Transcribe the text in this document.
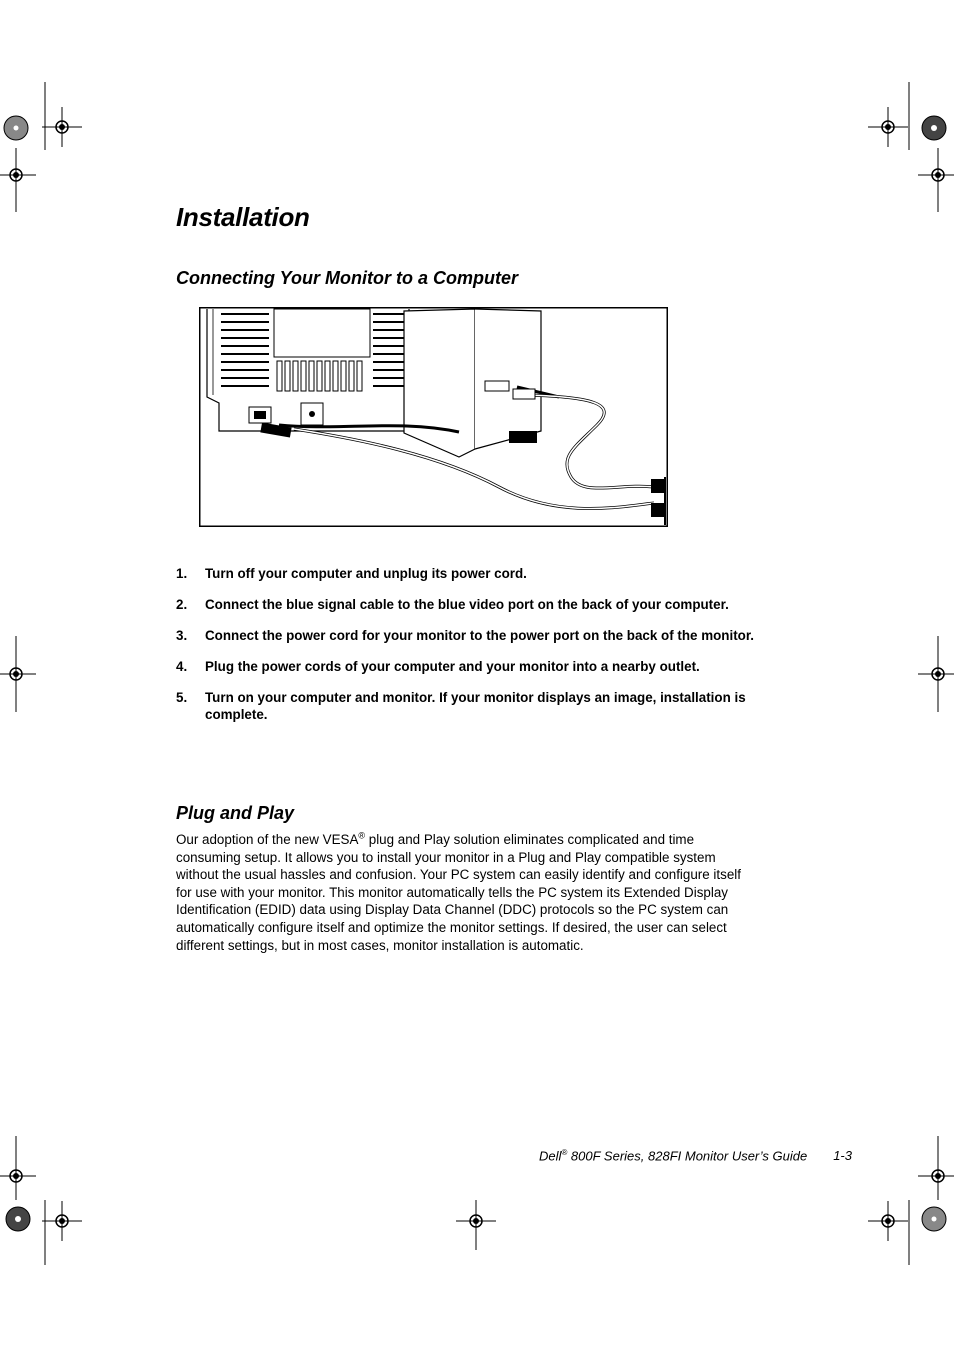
Installation
Connecting Your Monitor to a Computer
1. Turn off your computer and unplug its power cord.
2. Connect the blue signal cable to the blue video port on the back of your computer.
3. Connect the power cord for your monitor to the power port on the back of the monitor.
4. Plug the power cords of your computer and your monitor into a nearby outlet.
5. Turn on your computer and monitor. If your monitor displays an image, installation is complete.
Plug and Play

Our adoption of the new VESA® plug and Play solution eliminates complicated and time consuming setup. It allows you to install your monitor in a Plug and Play compatible system without the usual hassles and confusion. Your PC system can easily identify and configure itself for use with your monitor. This monitor automatically tells the PC system its Extended Display Identification (EDID) data using Display Data Channel (DDC) protocols so the PC system can automatically configure itself and optimize the monitor settings. If desired, the user can select different settings, but in most cases, monitor installation is automatic.

Dell® 800F Series, 828FI Monitor User’s Guide 1-3
